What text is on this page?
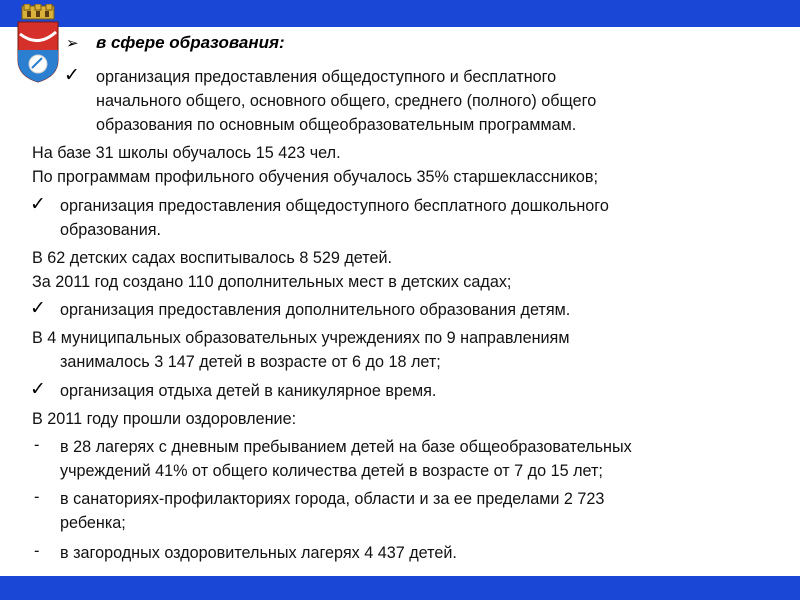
➢	в сфере образования:
✓ организация предоставления общедоступного и бесплатного
начального общего, основного общего, среднего (полного) общего
образования по основным общеобразовательным программам.
На базе 31 школы обучалось 15 423 чел.
По программам профильного обучения обучалось 35% старшеклассников;
✓ организация предоставления общедоступного бесплатного дошкольного
образования.
В 62 детских садах воспитывалось 8 529 детей.
За 2011 год создано 110 дополнительных мест в детских садах;
✓ организация предоставления дополнительного образования детям.
В 4 муниципальных образовательных учреждениях по 9 направлениям
занималось 3 147 детей в возрасте от 6 до 18 лет;
✓ организация отдыха детей в каникулярное время.
В 2011 году прошли оздоровление:
- в 28 лагерях с дневным пребыванием детей на базе общеобразовательных
учреждений 41% от общего количества детей в возрасте от 7 до 15 лет;
- в санаториях-профилакториях города, области и за ее пределами 2 723
ребенка;
- в загородных оздоровительных лагерях 4 437 детей.
